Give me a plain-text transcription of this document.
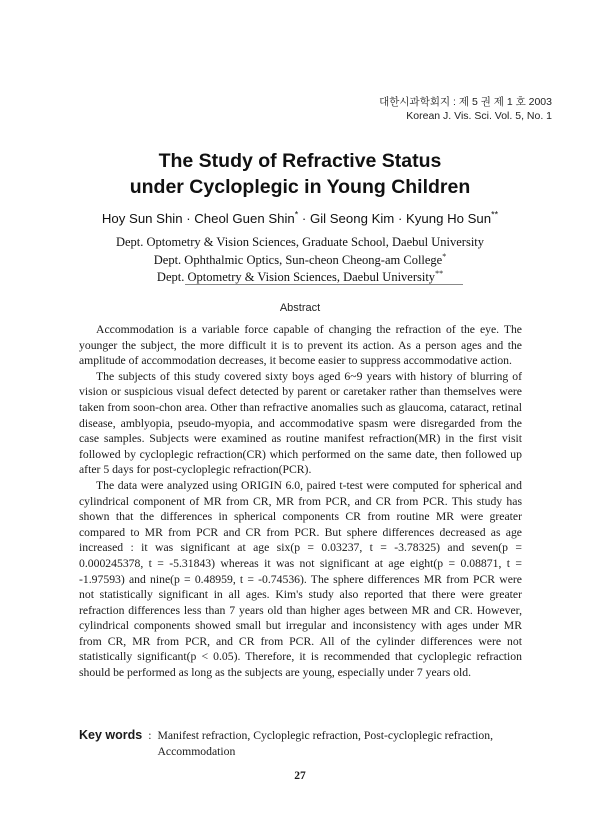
대한시과학회지 : 제 5 권 제 1 호 2003
Korean J. Vis. Sci. Vol. 5, No. 1
The Study of Refractive Status
under Cycloplegic in Young Children
Hoy Sun Shin · Cheol Guen Shin* · Gil Seong Kim · Kyung Ho Sun**
Dept. Optometry & Vision Sciences, Graduate School, Daebul University
Dept. Ophthalmic Optics, Sun-cheon Cheong-am College*
Dept. Optometry & Vision Sciences, Daebul University**
Abstract

Accommodation is a variable force capable of changing the refraction of the eye. The younger the subject, the more difficult it is to prevent its action. As a person ages and the amplitude of accommodation decreases, it become easier to suppress accommodative action.

The subjects of this study covered sixty boys aged 6~9 years with history of blurring of vision or suspicious visual defect detected by parent or caretaker rather than themselves were taken from soon-chon area. Other than refractive anomalies such as glaucoma, cataract, retinal disease, amblyopia, pseudo-myopia, and accommodative spasm were disregarded from the case samples. Subjects were examined as routine manifest refraction(MR) in the first visit followed by cycloplegic refraction(CR) which performed on the same date, then followed up after 5 days for post-cycloplegic refraction(PCR).

The data were analyzed using ORIGIN 6.0, paired t-test were computed for spherical and cylindrical component of MR from CR, MR from PCR, and CR from PCR. This study has shown that the differences in spherical components CR from routine MR were greater compared to MR from PCR and CR from PCR. But sphere differences decreased as age increased : it was significant at age six(p = 0.03237, t = -3.78325) and seven(p = 0.000245378, t = -5.31843) whereas it was not significant at age eight(p = 0.08871, t = -1.97593) and nine(p = 0.48959, t = -0.74536). The sphere differences MR from PCR were not statistically significant in all ages. Kim's study also reported that there were greater refraction differences less than 7 years old than higher ages between MR and CR. However, cylindrical components showed small but irregular and inconsistency with ages under MR from CR, MR from PCR, and CR from PCR. All of the cylinder differences were not statistically significant(p < 0.05). Therefore, it is recommended that cycloplegic refraction should be performed as long as the subjects are young, especially under 7 years old.

Key words : Manifest refraction, Cycloplegic refraction, Post-cycloplegic refraction, Accommodation
27
